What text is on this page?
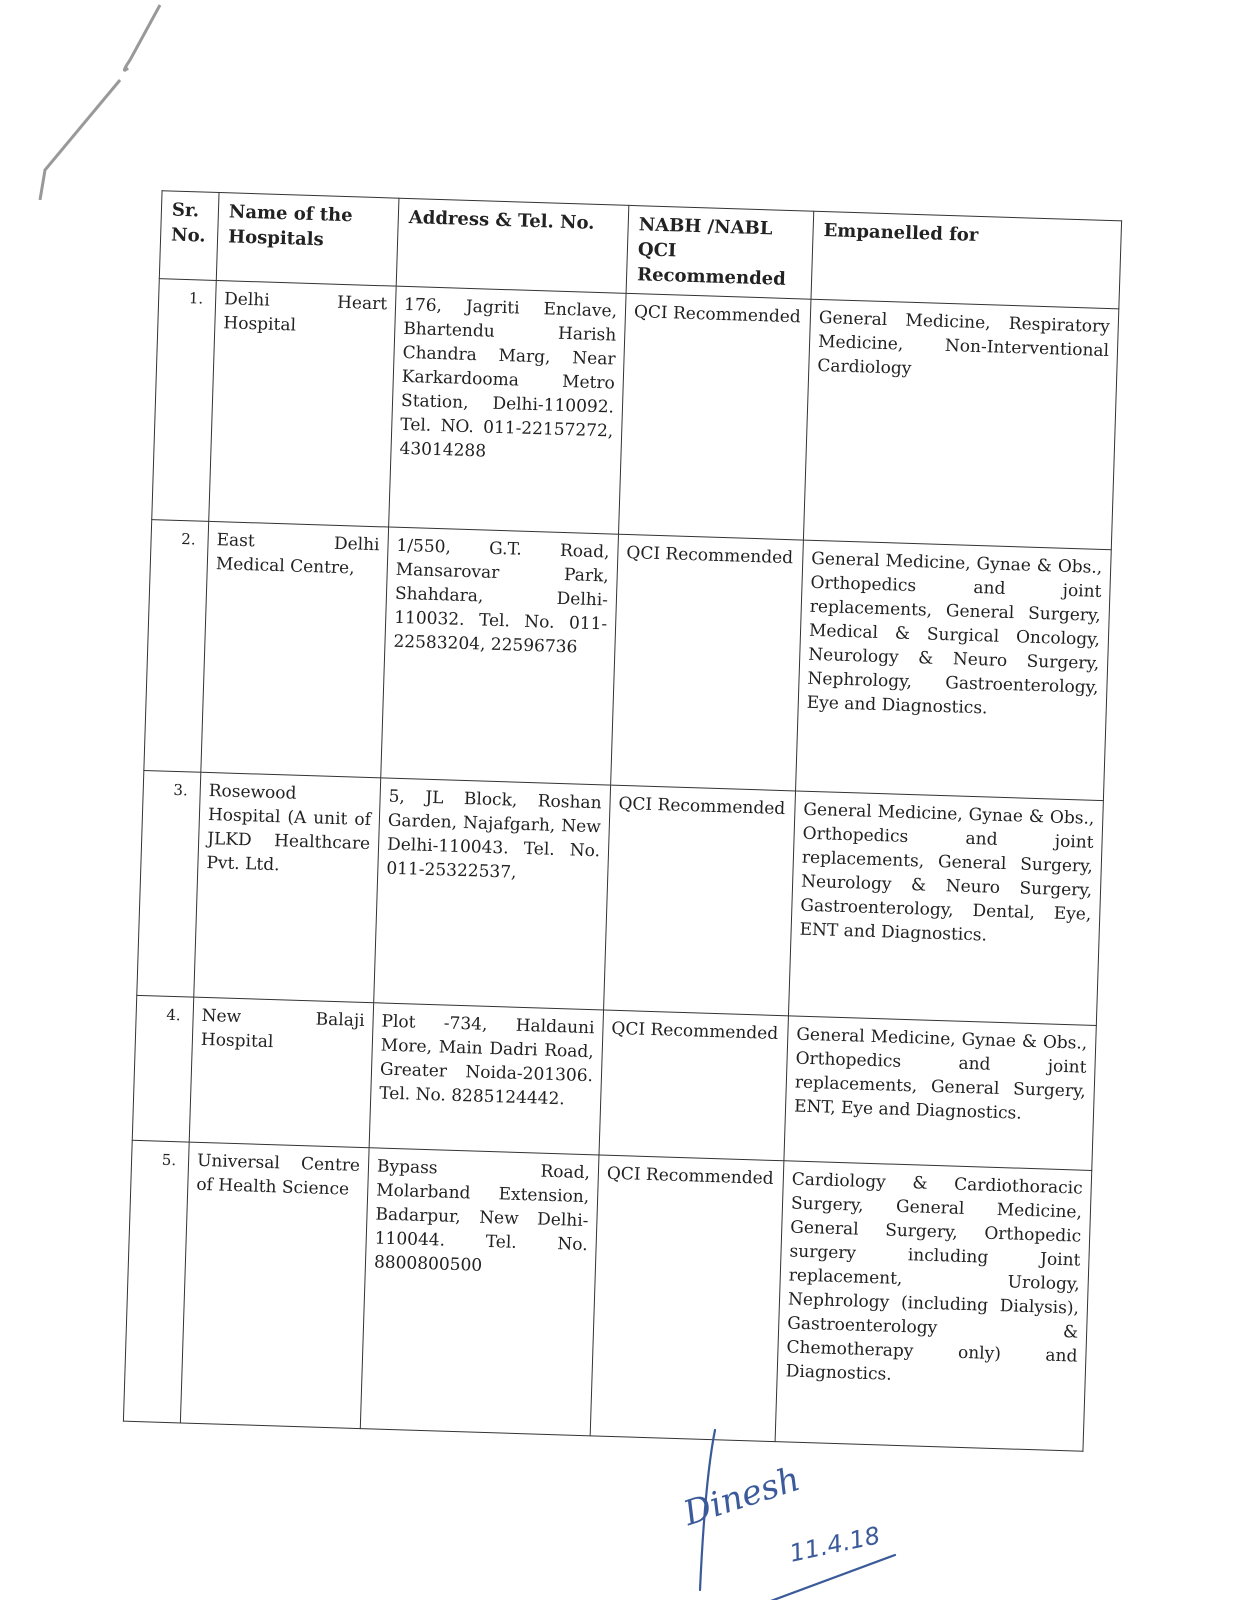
Sr. No.	Name of the Hospitals	Address & Tel. No.	NABH /NABL QCI Recommended	Empanelled for
1.	Delhi Heart Hospital	176, Jagriti Enclave, Bhartendu Harish Chandra Marg, Near Karkardooma Metro Station, Delhi-110092. Tel. NO. 011-22157272, 43014288	QCI Recommended	General Medicine, Respiratory Medicine, Non-Interventional Cardiology
2.	East Delhi Medical Centre,	1/550, G.T. Road, Mansarovar Park, Shahdara, Delhi-110032. Tel. No. 011-22583204, 22596736	QCI Recommended	General Medicine, Gynae & Obs., Orthopedics and joint replacements, General Surgery, Medical & Surgical Oncology, Neurology & Neuro Surgery, Nephrology, Gastroenterology, Eye and Diagnostics.
3.	Rosewood Hospital (A unit of JLKD Healthcare Pvt. Ltd.	5, JL Block, Roshan Garden, Najafgarh, New Delhi-110043. Tel. No. 011-25322537,	QCI Recommended	General Medicine, Gynae & Obs., Orthopedics and joint replacements, General Surgery, Neurology & Neuro Surgery, Gastroenterology, Dental, Eye, ENT and Diagnostics.
4.	New Balaji Hospital	Plot -734, Haldauni More, Main Dadri Road, Greater Noida-201306. Tel. No. 8285124442.	QCI Recommended	General Medicine, Gynae & Obs., Orthopedics and joint replacements, General Surgery, ENT, Eye and Diagnostics.
5.	Universal Centre of Health Science	Bypass Road, Molarband Extension, Badarpur, New Delhi-110044. Tel. No. 8800800500	QCI Recommended	Cardiology & Cardiothoracic Surgery, General Medicine, General Surgery, Orthopedic surgery including Joint replacement, Urology, Nephrology (including Dialysis), Gastroenterology & Chemotherapy only) and Diagnostics.
Dinesh
11.4.18
